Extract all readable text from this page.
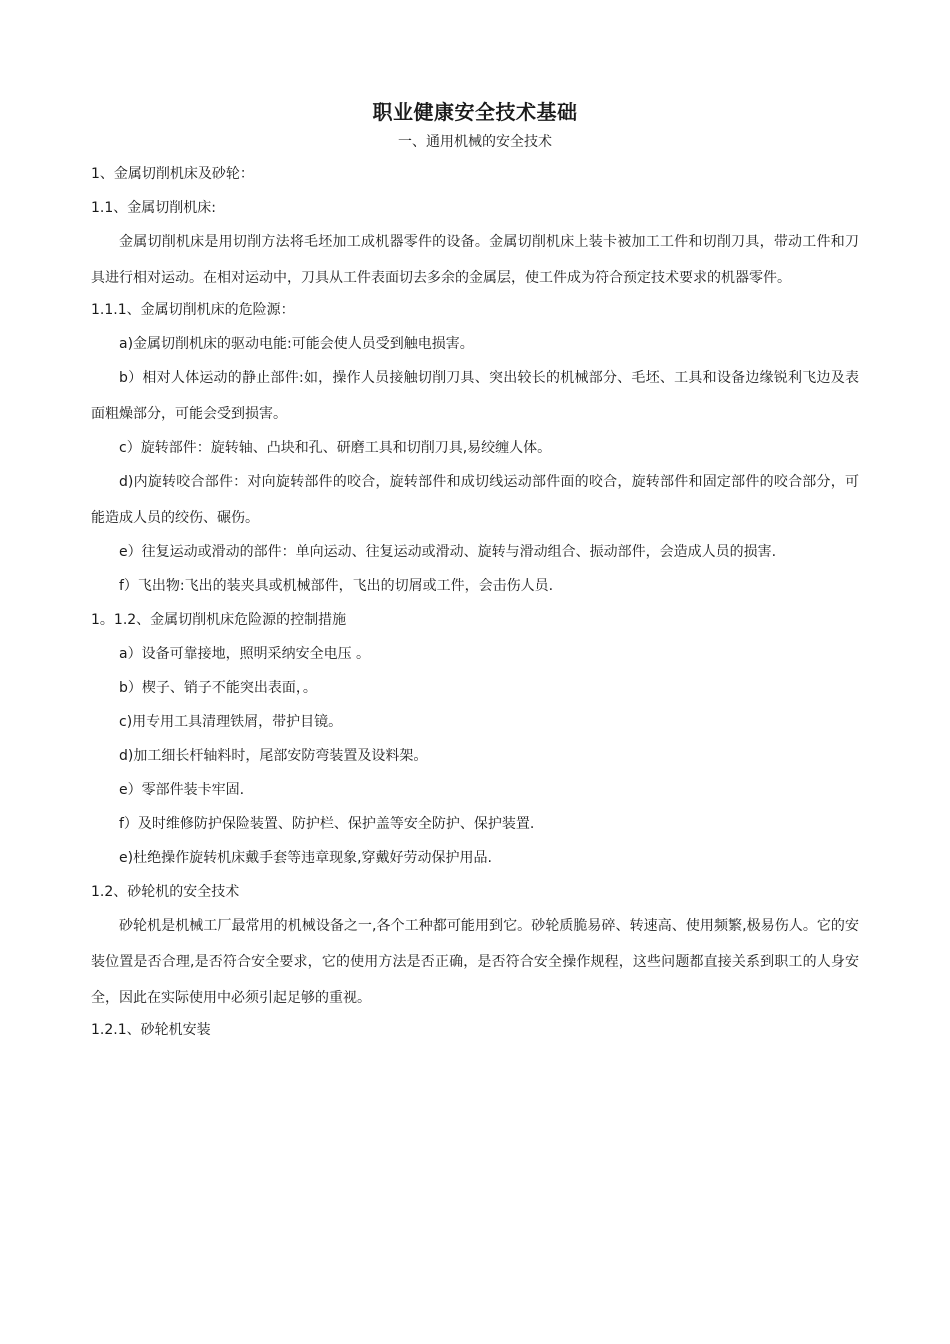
职业健康安全技术基础
一、通用机械的安全技术
1、金属切削机床及砂轮：
1.1、金属切削机床:
金属切削机床是用切削方法将毛坯加工成机器零件的设备。金属切削机床上装卡被加工工件和切削刀具，带动工件和刀具进行相对运动。在相对运动中，刀具从工件表面切去多余的金属层，使工件成为符合预定技术要求的机器零件。
1.1.1、金属切削机床的危险源：
a)金属切削机床的驱动电能:可能会使人员受到触电损害。
b）相对人体运动的静止部件:如，操作人员接触切削刀具、突出较长的机械部分、毛坯、工具和设备边缘锐利飞边及表面粗燥部分，可能会受到损害。
c）旋转部件：旋转轴、凸块和孔、研磨工具和切削刀具,易绞缠人体。
d)内旋转咬合部件：对向旋转部件的咬合，旋转部件和成切线运动部件面的咬合，旋转部件和固定部件的咬合部分，可能造成人员的绞伤、碾伤。
e）往复运动或滑动的部件：单向运动、往复运动或滑动、旋转与滑动组合、振动部件，会造成人员的损害.
f）飞出物:飞出的装夹具或机械部件，飞出的切屑或工件，会击伤人员.
1。1.2、金属切削机床危险源的控制措施
a）设备可靠接地，照明采纳安全电压 。
b）楔子、销子不能突出表面，。
c)用专用工具清理铁屑，带护目镜。
d)加工细长杆轴料时，尾部安防弯装置及设料架。
e）零部件装卡牢固.
f）及时维修防护保险装置、防护栏、保护盖等安全防护、保护装置.
e)杜绝操作旋转机床戴手套等违章现象,穿戴好劳动保护用品.
1.2、砂轮机的安全技术
砂轮机是机械工厂最常用的机械设备之一,各个工种都可能用到它。砂轮质脆易碎、转速高、使用频繁,极易伤人。它的安装位置是否合理,是否符合安全要求，它的使用方法是否正确，是否符合安全操作规程，这些问题都直接关系到职工的人身安全，因此在实际使用中必须引起足够的重视。
1.2.1、砂轮机安装
